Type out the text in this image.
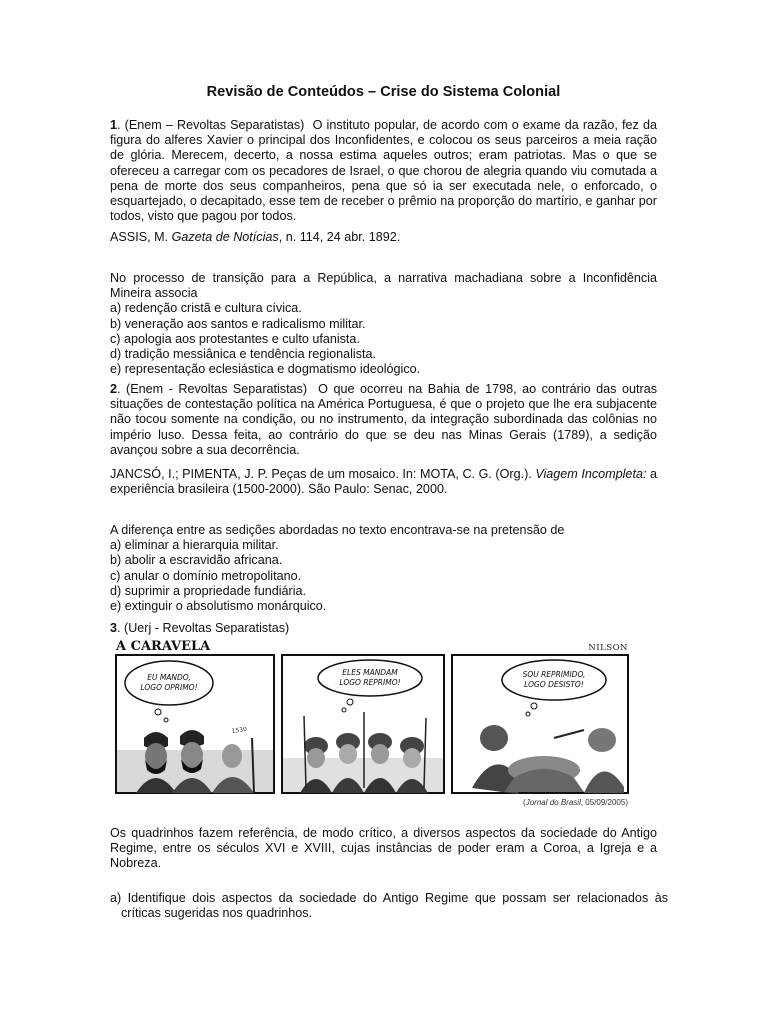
Revisão de Conteúdos – Crise do Sistema Colonial
1. (Enem – Revoltas Separatistas) O instituto popular, de acordo com o exame da razão, fez da figura do alferes Xavier o principal dos Inconfidentes, e colocou os seus parceiros a meia ração de glória. Merecem, decerto, a nossa estima aqueles outros; eram patriotas. Mas o que se ofereceu a carregar com os pecadores de Israel, o que chorou de alegria quando viu comutada a pena de morte dos seus companheiros, pena que só ia ser executada nele, o enforcado, o esquartejado, o decapitado, esse tem de receber o prêmio na proporção do martírio, e ganhar por todos, visto que pagou por todos.
ASSIS, M. Gazeta de Notícias, n. 114, 24 abr. 1892.
No processo de transição para a República, a narrativa machadiana sobre a Inconfidência
Mineira associa
a) redenção cristã e cultura cívica.
b) veneração aos santos e radicalismo militar.
c) apologia aos protestantes e culto ufanista.
d) tradição messiânica e tendência regionalista.
e) representação eclesiástica e dogmatismo ideológico.
2. (Enem - Revoltas Separatistas) O que ocorreu na Bahia de 1798, ao contrário das outras situações de contestação política na América Portuguesa, é que o projeto que lhe era subjacente não tocou somente na condição, ou no instrumento, da integração subordinada das colônias no império luso. Dessa feita, ao contrário do que se deu nas Minas Gerais (1789), a sedição avançou sobre a sua decorrência.
JANCSÓ, I.; PIMENTA, J. P. Peças de um mosaico. In: MOTA, C. G. (Org.). Viagem Incompleta: a experiência brasileira (1500-2000). São Paulo: Senac, 2000.
A diferença entre as sedições abordadas no texto encontrava-se na pretensão de
a) eliminar a hierarquia militar.
b) abolir a escravidão africana.
c) anular o domínio metropolitano.
d) suprimir a propriedade fundiária.
e) extinguir o absolutismo monárquico.
3. (Uerj - Revoltas Separatistas)
A CARAVELA	NILSON
EU MANDO,
LOGO OPRIMO!
1530
ELES MANDAM
LOGO REPRIMO!
SOU REPRIMIDO,
LOGO DESISTO!
(Jornal do Brasil, 05/09/2005)
Os quadrinhos fazem referência, de modo crítico, a diversos aspectos da sociedade do Antigo Regime, entre os séculos XVI e XVIII, cujas instâncias de poder eram a Coroa, a Igreja e a Nobreza.
a) Identifique dois aspectos da sociedade do Antigo Regime que possam ser relacionados às críticas sugeridas nos quadrinhos.
